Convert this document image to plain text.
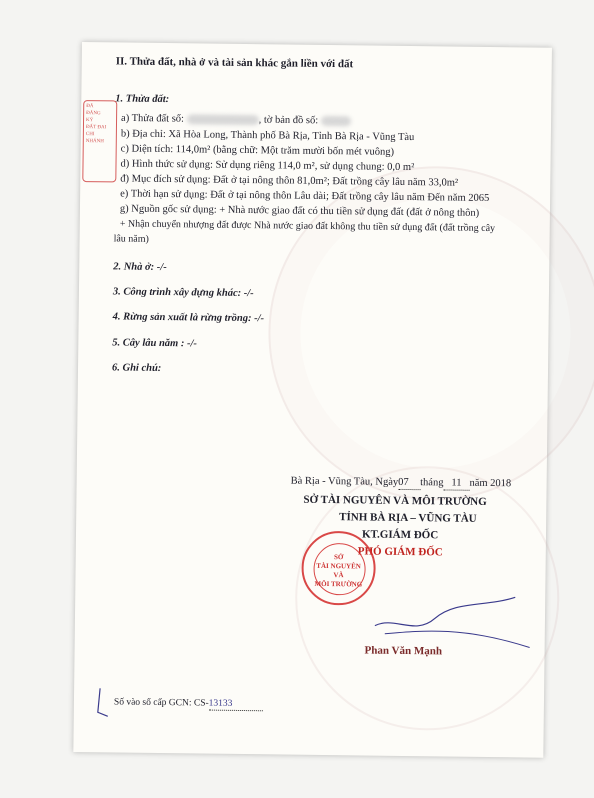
ĐÃ
ĐĂNG
KÝ
ĐẤT ĐAI
CHI
NHÁNH
II. Thửa đất, nhà ở và tài sản khác gắn liền với đất
1. Thửa đất:
a) Thửa đất số:	, tờ bản đồ số:
b) Địa chỉ: Xã Hòa Long, Thành phố Bà Rịa, Tỉnh Bà Rịa - Vũng Tàu
c) Diện tích: 114,0m² (bằng chữ: Một trăm mười bốn mét vuông)
d) Hình thức sử dụng: Sử dụng riêng 114,0 m², sử dụng chung: 0,0 m²
đ) Mục đích sử dụng: Đất ở tại nông thôn 81,0m²; Đất trồng cây lâu năm 33,0m²
e) Thời hạn sử dụng: Đất ở tại nông thôn Lâu dài; Đất trồng cây lâu năm Đến năm 2065
g) Nguồn gốc sử dụng: + Nhà nước giao đất có thu tiền sử dụng đất (đất ở nông thôn)
+ Nhận chuyển nhượng đất được Nhà nước giao đất không thu tiền sử dụng đất (đất trồng cây
lâu năm)
2. Nhà ở: -/-
3. Công trình xây dựng khác: -/-
4. Rừng sản xuất là rừng trồng: -/-
5. Cây lâu năm : -/-
6. Ghi chú:
Bà Rịa - Vũng Tàu, Ngày07 tháng 11 năm 2018
SỞ TÀI NGUYÊN VÀ MÔI TRƯỜNG
TỈNH BÀ RỊA – VŨNG TÀU
KT.GIÁM ĐỐC
PHÓ GIÁM ĐỐC
SỞ
TÀI NGUYÊN
VÀ
MÔI TRƯỜNG
Phan Văn Mạnh
Số vào sổ cấp GCN: CS-13133
